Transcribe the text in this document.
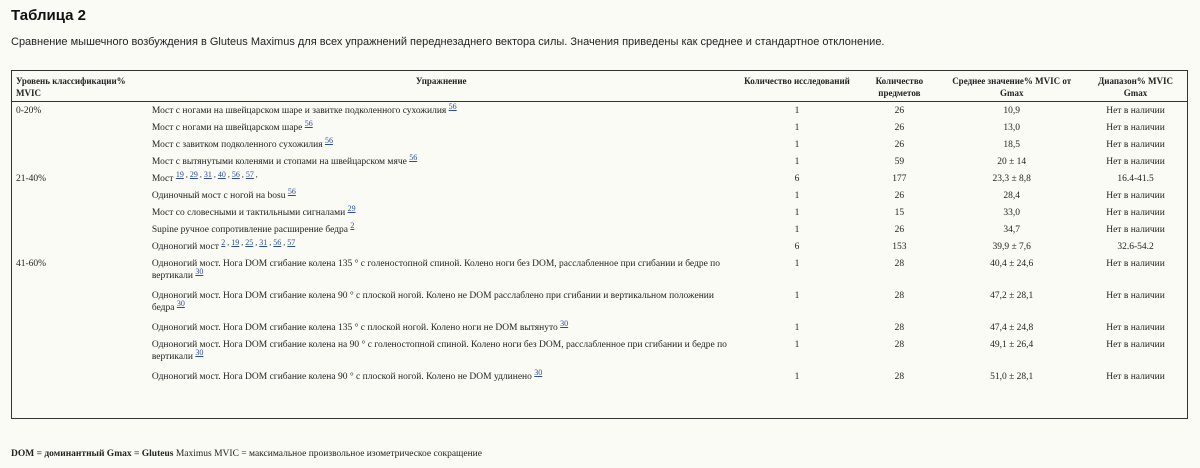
Таблица 2
Сравнение мышечного возбуждения в Gluteus Maximus для всех упражнений переднезаднего вектора силы. Значения приведены как среднее и стандартное отклонение.
Уровень классификации% MVIC	Упражнение	Количество исследований	Количество предметов	Среднее значение% MVIC от Gmax	Диапазон% MVIC Gmax
0-20%	Мост с ногами на швейцарском шаре и завитке подколенного сухожилия $^{56}$	1	26	10,9	Нет в наличии
	Мост с ногами на швейцарском шаре $^{56}$	1	26	13,0	Нет в наличии
	Мост с завитком подколенного сухожилия $^{56}$	1	26	18,5	Нет в наличии
	Мост с вытянутыми коленями и стопами на швейцарском мяче $^{56}$	1	59	20 ± 14	Нет в наличии
21-40%	Мост $^{19 , 29 , 31 , 40 , 56 , 57 ,}$	6	177	23,3 ± 8,8	16.4-41.5
	Одиночный мост с ногой на bosu $^{56}$	1	26	28,4	Нет в наличии
	Мост со словесными и тактильными сигналами $^{29}$	1	15	33,0	Нет в наличии
	Supine ручное сопротивление расширение бедра $^2$	1	26	34,7	Нет в наличии
	Одноногий мост $^{2 , 19 , 25 , 31 , 56 , 57}$	6	153	39,9 ± 7,6	32.6-54.2
41-60%	Одноногий мост. Нога DOM сгибание колена 135 ° с голеностопной спиной. Колено ноги без DOM, расслабленное при сгибании и бедре по вертикали $^{30}$	1	28	40,4 ± 24,6	Нет в наличии
	Одноногий мост. Нога DOM сгибание колена 90 ° с плоской ногой. Колено не DOM расслаблено при сгибании и вертикальном положении бедра $^{30}$	1	28	47,2 ± 28,1	Нет в наличии
	Одноногий мост. Нога DOM сгибание колена 135 ° с плоской ногой. Колено ноги не DOM вытянуто $^{30}$	1	28	47,4 ± 24,8	Нет в наличии
	Одноногий мост. Нога DOM сгибание колена на 90 ° с голеностопной спиной. Колено ноги без DOM, расслабленное при сгибании и бедре по вертикали $^{30}$	1	28	49,1 ± 26,4	Нет в наличии
	Одноногий мост. Нога DOM сгибание колена 90 ° с плоской ногой. Колено не DOM удлинено $^{30}$	1	28	51,0 ± 28,1	Нет в наличии
DOM = доминантный Gmax = Gluteus Maximus MVIC = максимальное произвольное изометрическое сокращение
